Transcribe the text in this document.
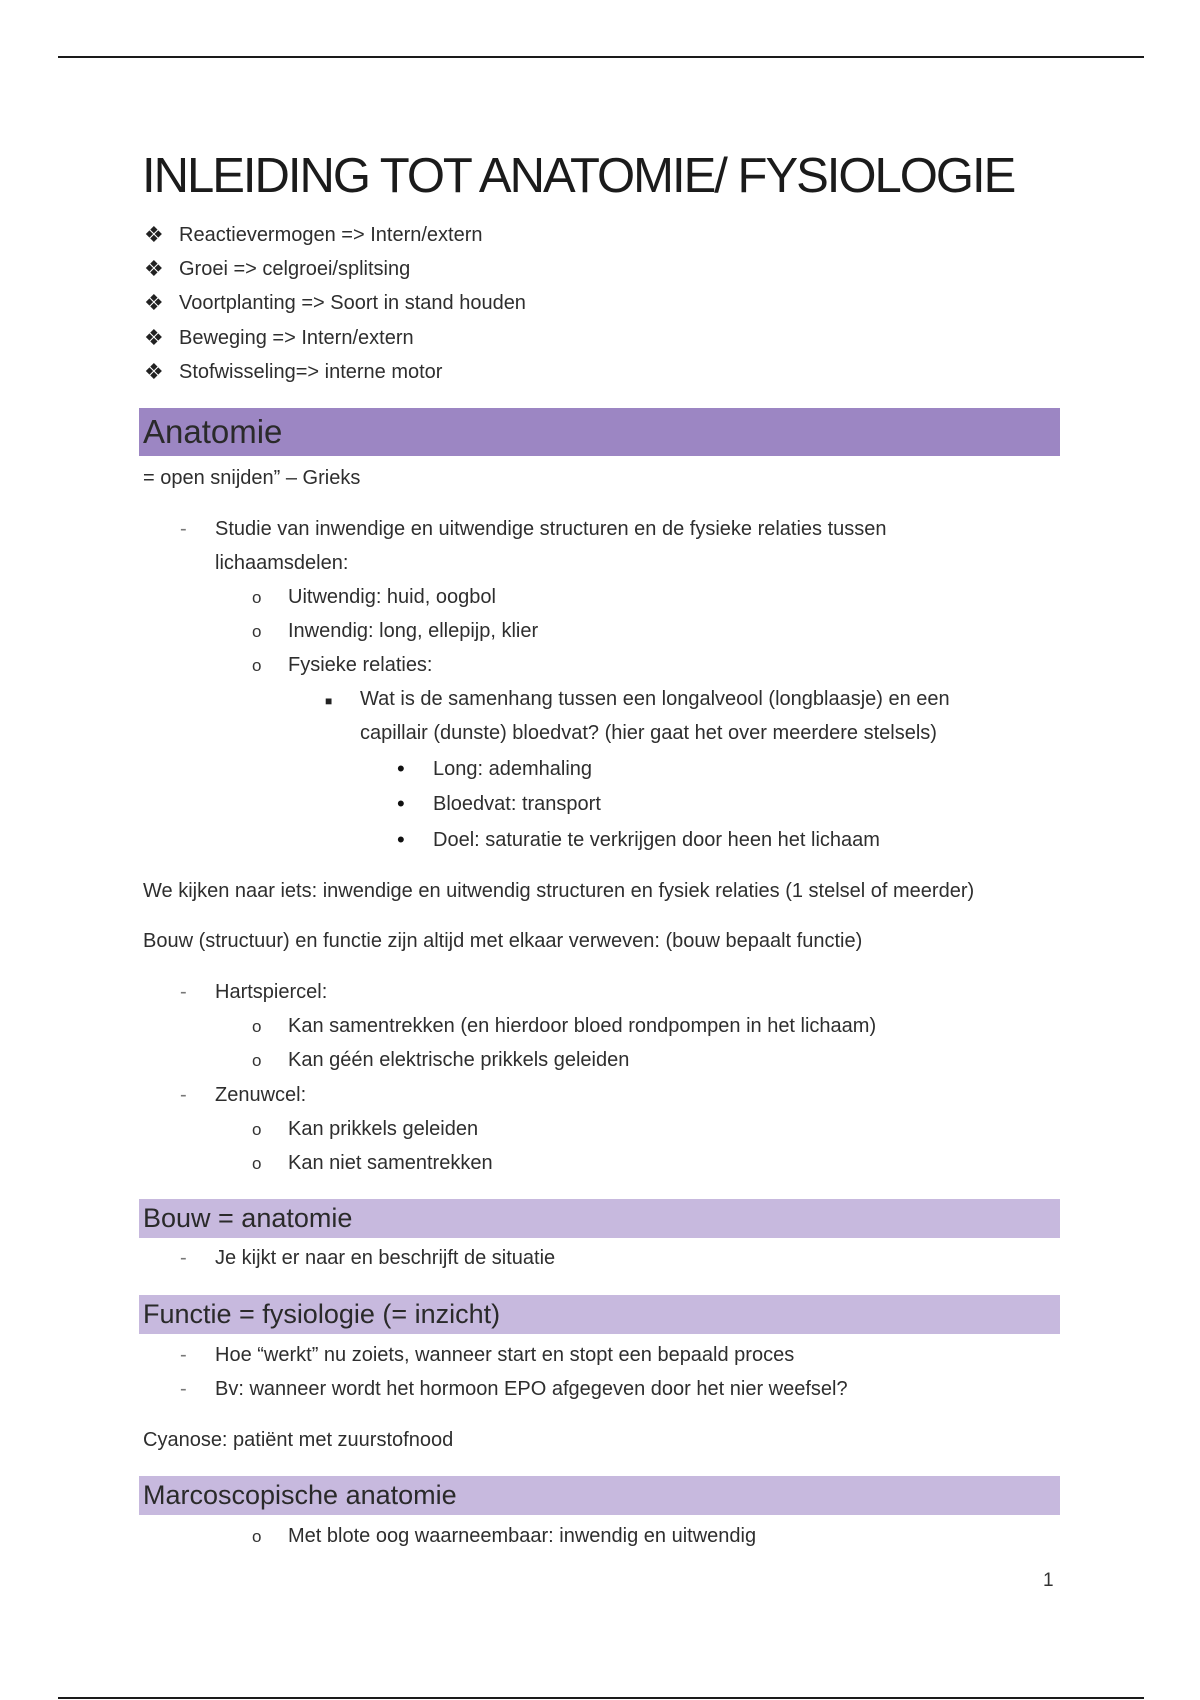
INLEIDING TOT ANATOMIE/ FYSIOLOGIE
❖ Reactievermogen => Intern/extern
❖ Groei => celgroei/splitsing
❖ Voortplanting => Soort in stand houden
❖ Beweging => Intern/extern
❖ Stofwisseling=> interne motor
Anatomie
= open snijden” – Grieks
- Studie van inwendige en uitwendige structuren en de fysieke relaties tussen
lichaamsdelen:
o Uitwendig: huid, oogbol
o Inwendig: long, ellepijp, klier
o Fysieke relaties:
■ Wat is de samenhang tussen een longalveool (longblaasje) en een
capillair (dunste) bloedvat? (hier gaat het over meerdere stelsels)
• Long: ademhaling
• Bloedvat: transport
• Doel: saturatie te verkrijgen door heen het lichaam
We kijken naar iets: inwendige en uitwendig structuren en fysiek relaties (1 stelsel of meerder)
Bouw (structuur) en functie zijn altijd met elkaar verweven: (bouw bepaalt functie)
- Hartspiercel:
o Kan samentrekken (en hierdoor bloed rondpompen in het lichaam)
o Kan géén elektrische prikkels geleiden
- Zenuwcel:
o Kan prikkels geleiden
o Kan niet samentrekken
Bouw = anatomie
- Je kijkt er naar en beschrijft de situatie
Functie = fysiologie (= inzicht)
- Hoe “werkt” nu zoiets, wanneer start en stopt een bepaald proces
- Bv: wanneer wordt het hormoon EPO afgegeven door het nier weefsel?
Cyanose: patiënt met zuurstofnood
Marcoscopische anatomie
o Met blote oog waarneembaar: inwendig en uitwendig
1
